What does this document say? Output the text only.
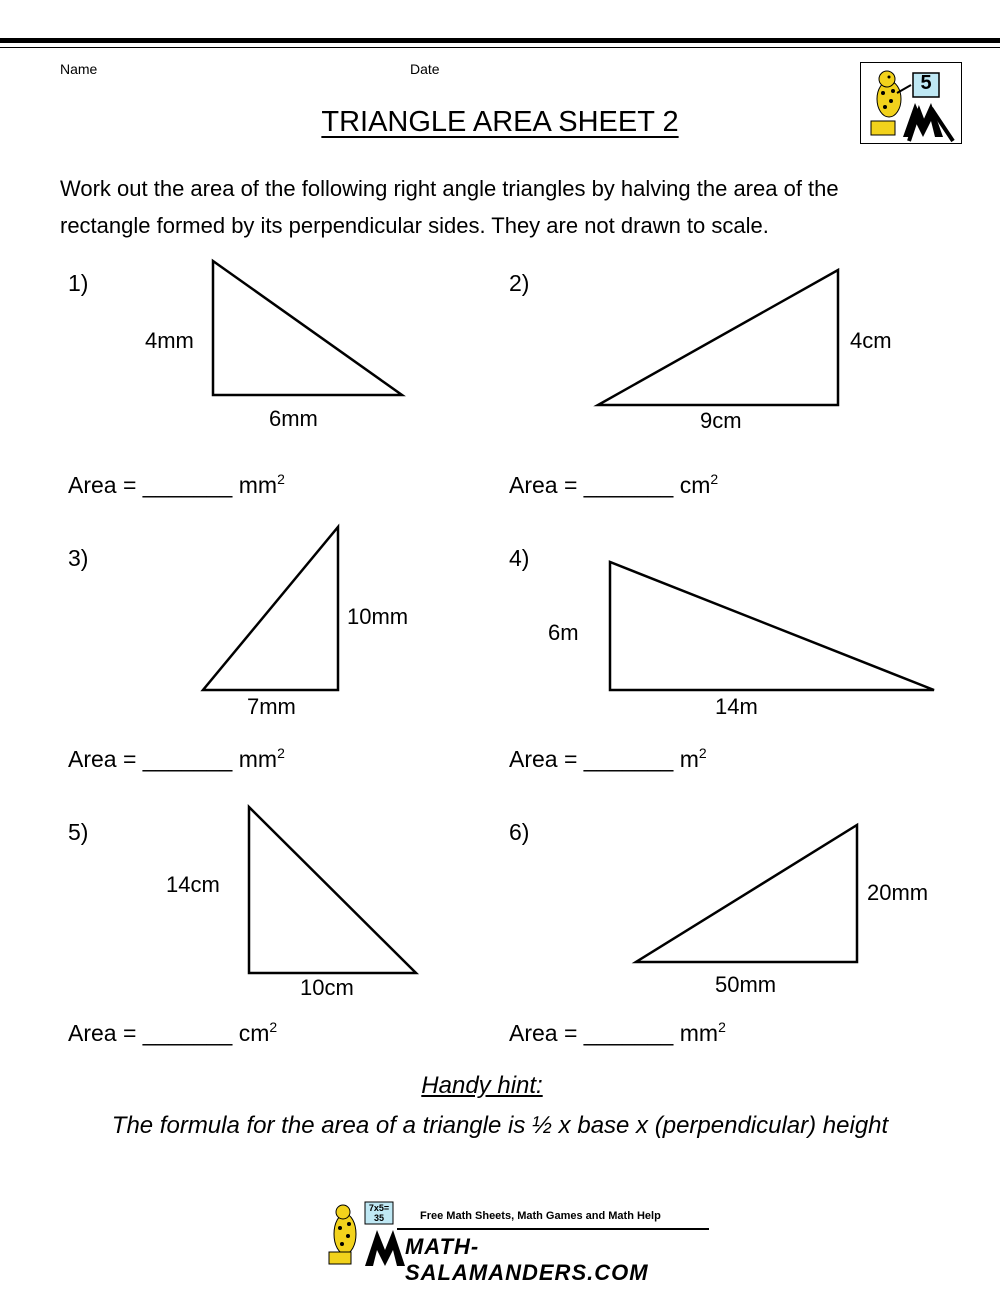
Name	Date
TRIANGLE AREA SHEET 2
5
Work out the area of the following right angle triangles by halving the area of the
rectangle formed by its perpendicular sides. They are not drawn to scale.
1)
4mm
6mm
Area = _______ $mm^2$
2)
4cm
9cm
Area = _______ $cm^2$
3)
10mm
7mm
Area = _______ $mm^2$
4)
6m
14m
Area = _______ $m^2$
5)
14cm
10cm
Area = _______ $cm^2$
6)
20mm
50mm
Area = _______ $mm^2$
Handy hint:
The formula for the area of a triangle is ½ x base x (perpendicular) height
7x5= 35	Free Math Sheets, Math Games and Math Help
MATH-SALAMANDERS.COM
